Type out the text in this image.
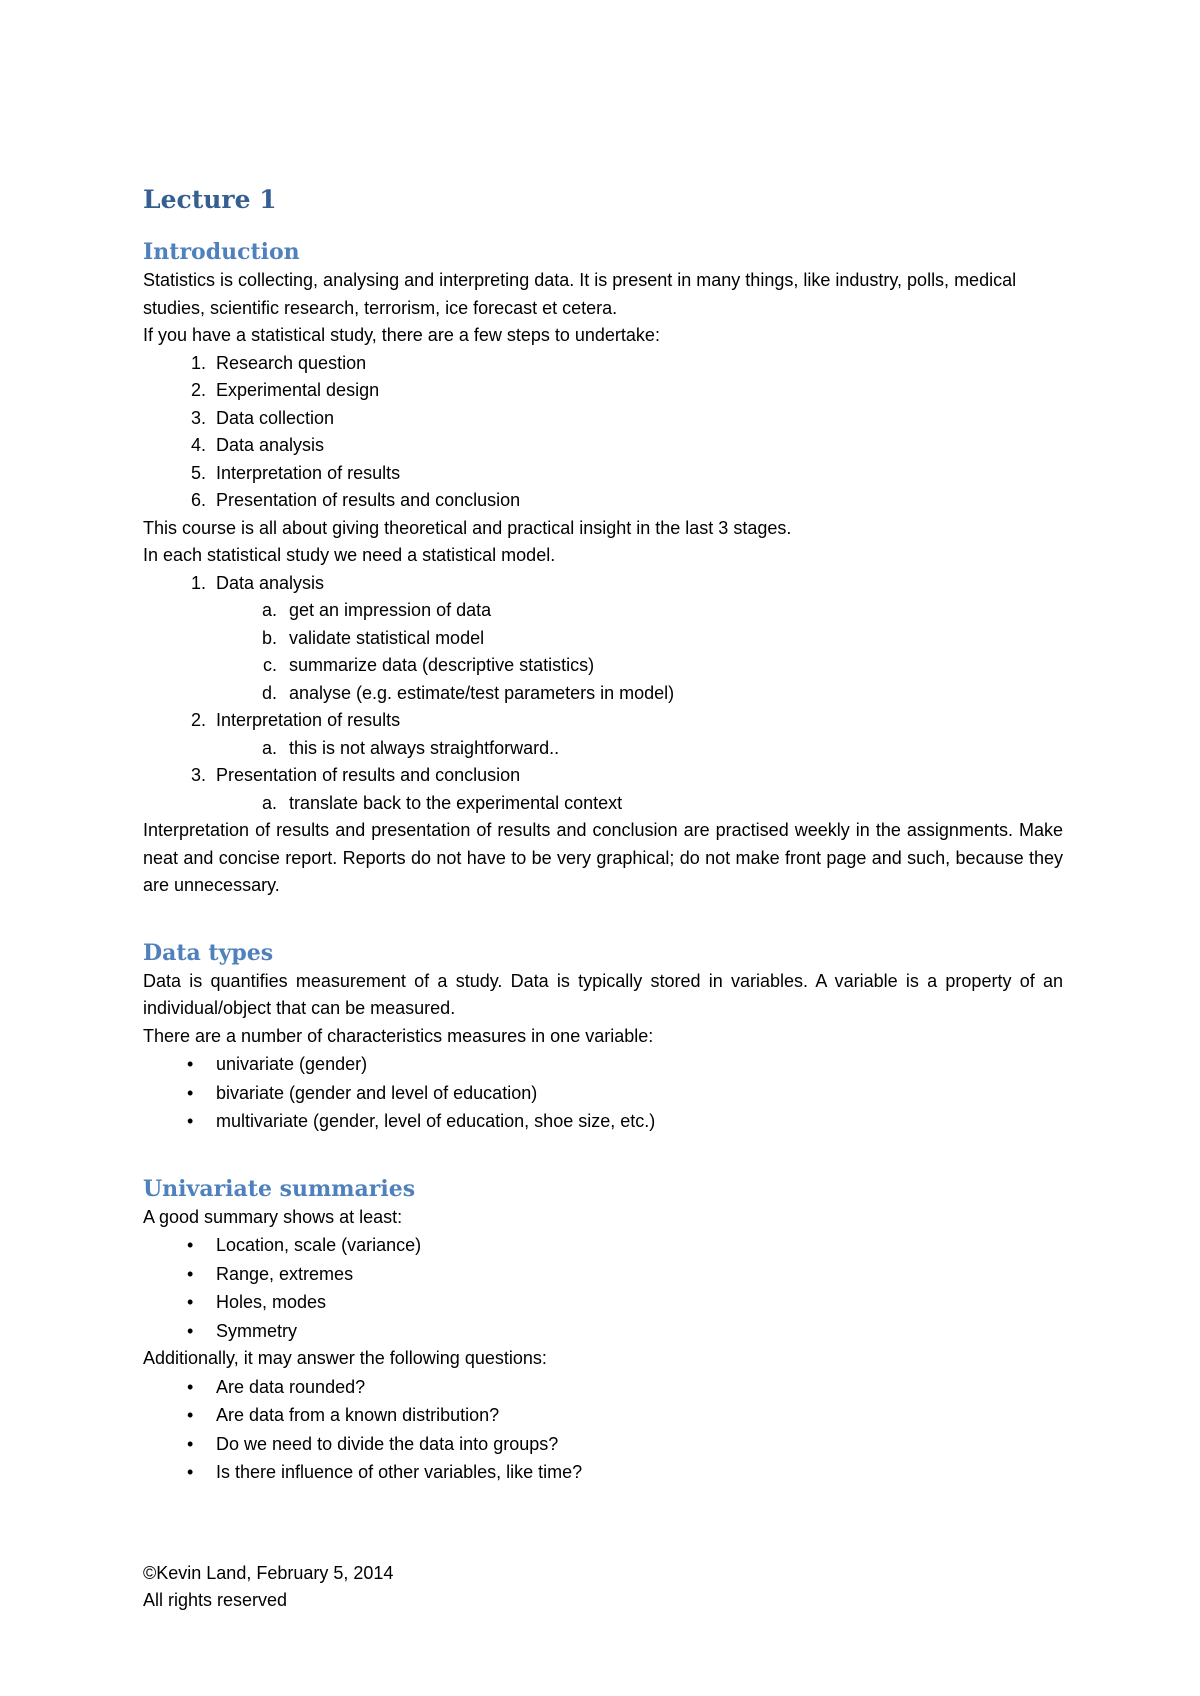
Lecture 1
Introduction

Statistics is collecting, analysing and interpreting data. It is present in many things, like industry, polls, medical studies, scientific research, terrorism, ice forecast et cetera.

If you have a statistical study, there are a few steps to undertake:

1. Research question
2. Experimental design
3. Data collection
4. Data analysis
5. Interpretation of results
6. Presentation of results and conclusion

This course is all about giving theoretical and practical insight in the last 3 stages.

In each statistical study we need a statistical model.

1. Data analysis
a. get an impression of data
b. validate statistical model
c. summarize data (descriptive statistics)
d. analyse (e.g. estimate/test parameters in model)
2. Interpretation of results
a. this is not always straightforward..
3. Presentation of results and conclusion
a. translate back to the experimental context

Interpretation of results and presentation of results and conclusion are practised weekly in the assignments. Make neat and concise report. Reports do not have to be very graphical; do not make front page and such, because they are unnecessary.

Data types

Data is quantifies measurement of a study. Data is typically stored in variables. A variable is a property of an individual/object that can be measured.

There are a number of characteristics measures in one variable:

• univariate (gender)
• bivariate (gender and level of education)
• multivariate (gender, level of education, shoe size, etc.)
Univariate summaries

A good summary shows at least:

• Location, scale (variance)
• Range, extremes
• Holes, modes
• Symmetry

Additionally, it may answer the following questions:

• Are data rounded?
• Are data from a known distribution?
• Do we need to divide the data into groups?
• Is there influence of other variables, like time?

©Kevin Land, February 5, 2014

All rights reserved
